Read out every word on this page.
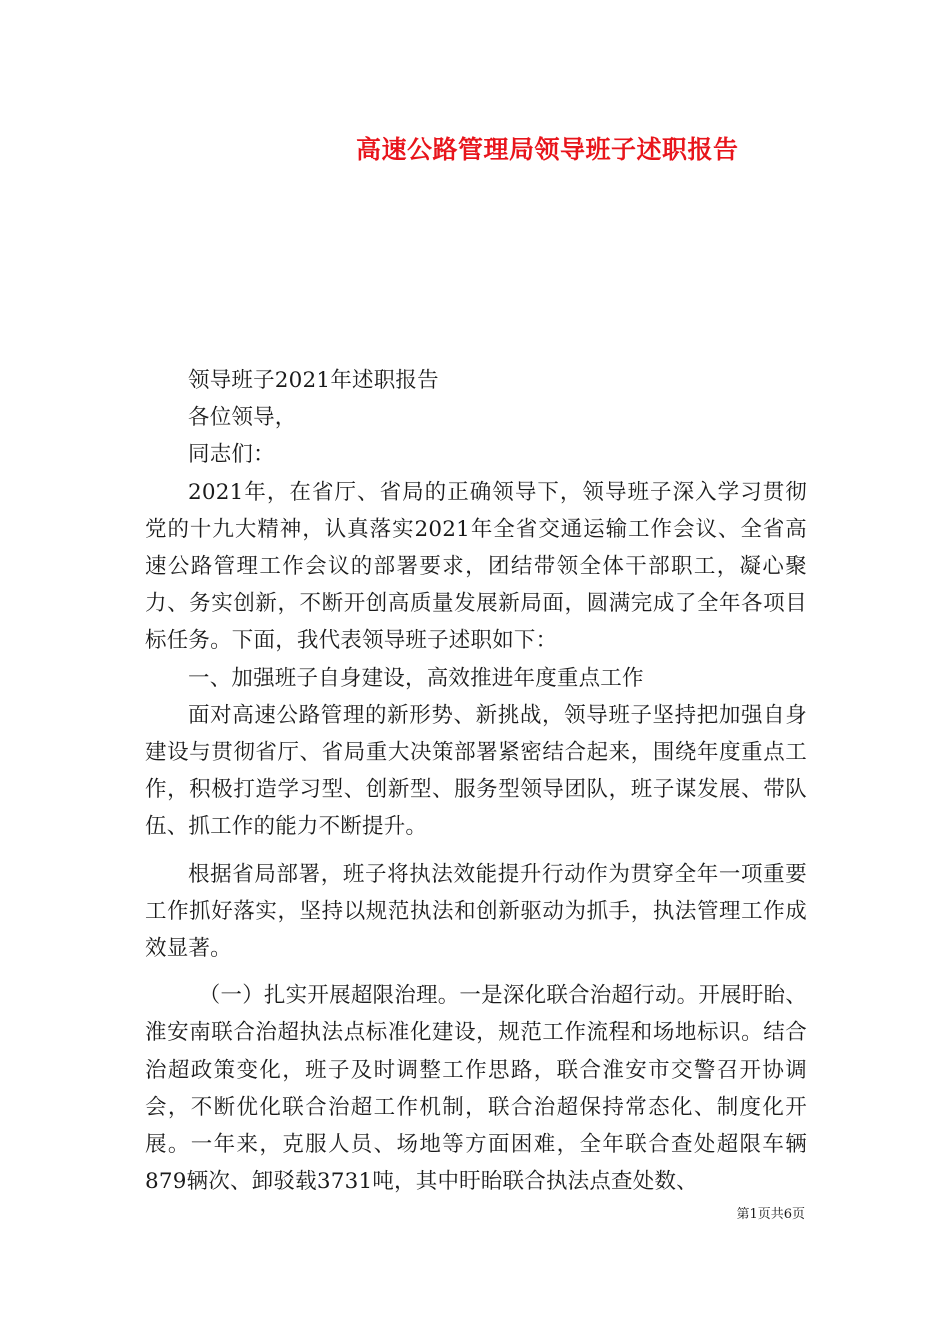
高速公路管理局领导班子述职报告

领导班子2021年述职报告

各位领导，

同志们：

2021年，在省厅、省局的正确领导下，领导班子深入学习贯彻党的十九大精神，认真落实2021年全省交通运输工作会议、全省高速公路管理工作会议的部署要求，团结带领全体干部职工，凝心聚力、务实创新，不断开创高质量发展新局面，圆满完成了全年各项目标任务。下面，我代表领导班子述职如下：

一、加强班子自身建设，高效推进年度重点工作

面对高速公路管理的新形势、新挑战，领导班子坚持把加强自身建设与贯彻省厅、省局重大决策部署紧密结合起来，围绕年度重点工作，积极打造学习型、创新型、服务型领导团队，班子谋发展、带队伍、抓工作的能力不断提升。

根据省局部署，班子将执法效能提升行动作为贯穿全年一项重要工作抓好落实，坚持以规范执法和创新驱动为抓手，执法管理工作成效显著。

（一）扎实开展超限治理。一是深化联合治超行动。开展盱眙、淮安南联合治超执法点标准化建设，规范工作流程和场地标识。结合治超政策变化，班子及时调整工作思路，联合淮安市交警召开协调会，不断优化联合治超工作机制，联合治超保持常态化、制度化开展。一年来，克服人员、场地等方面困难，全年联合查处超限车辆879辆次、卸驳载3731吨，其中盱眙联合执法点查处数、

第1页共6页
